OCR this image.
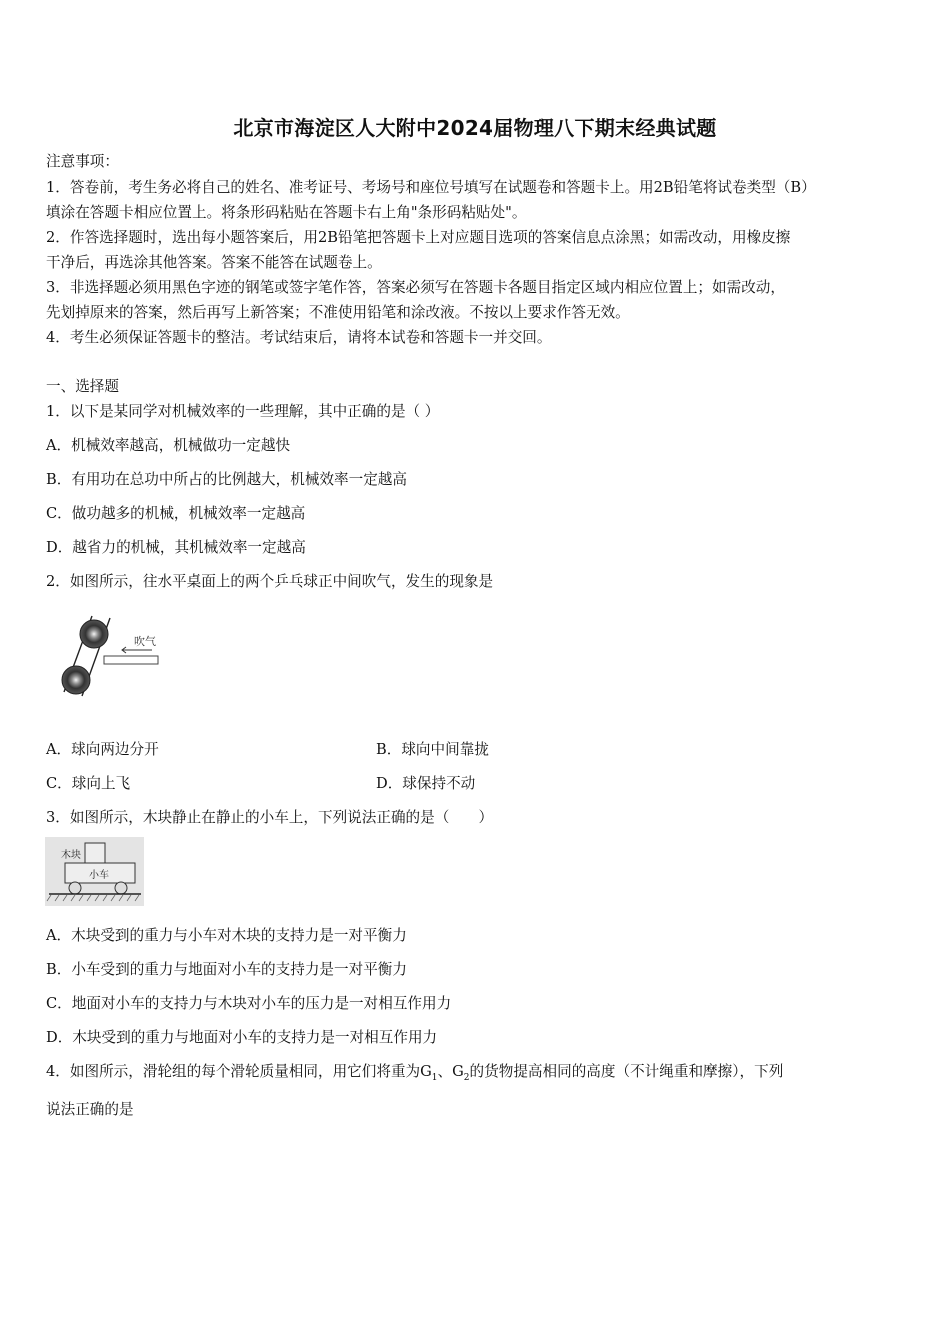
北京市海淀区人大附中2024届物理八下期末经典试题
注意事项：
1．答卷前，考生务必将自己的姓名、准考证号、考场号和座位号填写在试题卷和答题卡上。用2B铅笔将试卷类型（B）
填涂在答题卡相应位置上。将条形码粘贴在答题卡右上角"条形码粘贴处"。
2．作答选择题时，选出每小题答案后，用2B铅笔把答题卡上对应题目选项的答案信息点涂黑；如需改动，用橡皮擦
干净后，再选涂其他答案。答案不能答在试题卷上。
3．非选择题必须用黑色字迹的钢笔或签字笔作答，答案必须写在答题卡各题目指定区域内相应位置上；如需改动，
先划掉原来的答案，然后再写上新答案；不准使用铅笔和涂改液。不按以上要求作答无效。
4．考生必须保证答题卡的整洁。考试结束后，请将本试卷和答题卡一并交回。
一、选择题
1．以下是某同学对机械效率的一些理解，其中正确的是（ ）
A．机械效率越高，机械做功一定越快
B．有用功在总功中所占的比例越大，机械效率一定越高
C．做功越多的机械，机械效率一定越高
D．越省力的机械，其机械效率一定越高
2．如图所示，往水平桌面上的两个乒乓球正中间吹气，发生的现象是
吹气
A．球向两边分开	B．球向中间靠拢
C．球向上飞	D．球保持不动
3．如图所示，木块静止在静止的小车上，下列说法正确的是（　　）
木块
小车
A．木块受到的重力与小车对木块的支持力是一对平衡力
B．小车受到的重力与地面对小车的支持力是一对平衡力
C．地面对小车的支持力与木块对小车的压力是一对相互作用力
D．木块受到的重力与地面对小车的支持力是一对相互作用力
4．如图所示，滑轮组的每个滑轮质量相同，用它们将重为$G_1$、$G_2$的货物提高相同的高度（不计绳重和摩擦），下列
说法正确的是
